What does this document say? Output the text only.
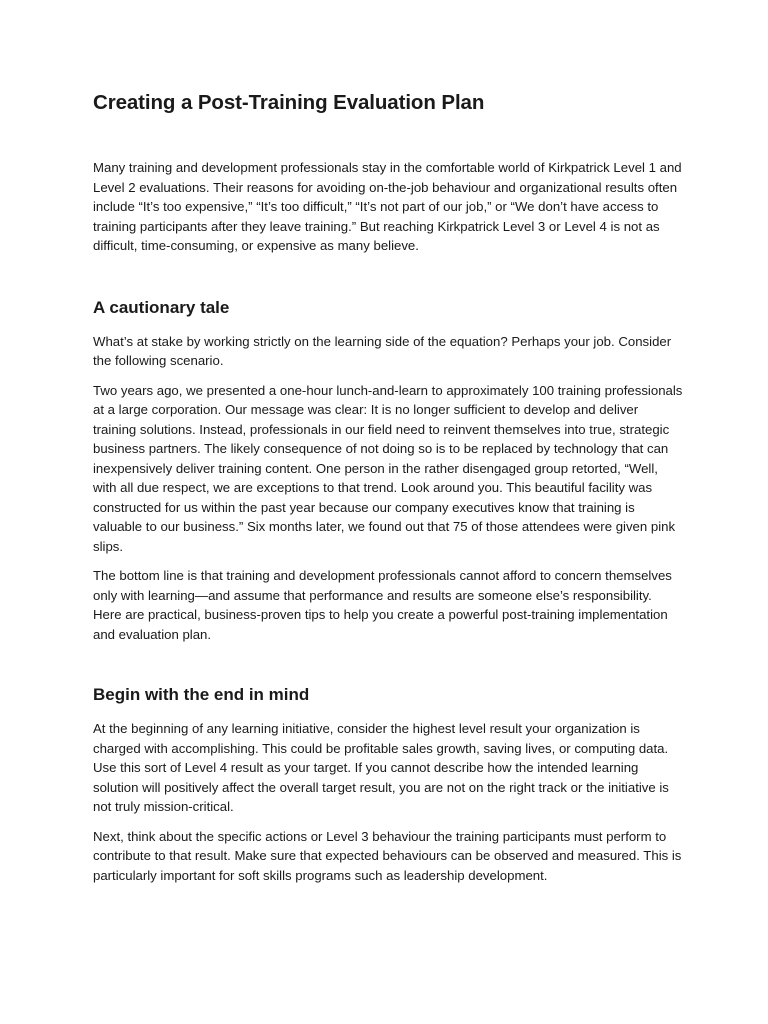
Creating a Post-Training Evaluation Plan

Many training and development professionals stay in the comfortable world of Kirkpatrick Level 1 and Level 2 evaluations. Their reasons for avoiding on-the-job behaviour and organizational results often include “It’s too expensive,” “It’s too difficult,” “It’s not part of our job,” or “We don’t have access to training participants after they leave training.” But reaching Kirkpatrick Level 3 or Level 4 is not as difficult, time-consuming, or expensive as many believe.

A cautionary tale

What’s at stake by working strictly on the learning side of the equation? Perhaps your job. Consider the following scenario.

Two years ago, we presented a one-hour lunch-and-learn to approximately 100 training professionals at a large corporation. Our message was clear: It is no longer sufficient to develop and deliver training solutions. Instead, professionals in our field need to reinvent themselves into true, strategic business partners. The likely consequence of not doing so is to be replaced by technology that can inexpensively deliver training content. One person in the rather disengaged group retorted, “Well, with all due respect, we are exceptions to that trend. Look around you. This beautiful facility was constructed for us within the past year because our company executives know that training is valuable to our business.” Six months later, we found out that 75 of those attendees were given pink slips.

The bottom line is that training and development professionals cannot afford to concern themselves only with learning—and assume that performance and results are someone else’s responsibility. Here are practical, business-proven tips to help you create a powerful post-training implementation and evaluation plan.

Begin with the end in mind

At the beginning of any learning initiative, consider the highest level result your organization is charged with accomplishing. This could be profitable sales growth, saving lives, or computing data. Use this sort of Level 4 result as your target. If you cannot describe how the intended learning solution will positively affect the overall target result, you are not on the right track or the initiative is not truly mission-critical.

Next, think about the specific actions or Level 3 behaviour the training participants must perform to contribute to that result. Make sure that expected behaviours can be observed and measured. This is particularly important for soft skills programs such as leadership development.
